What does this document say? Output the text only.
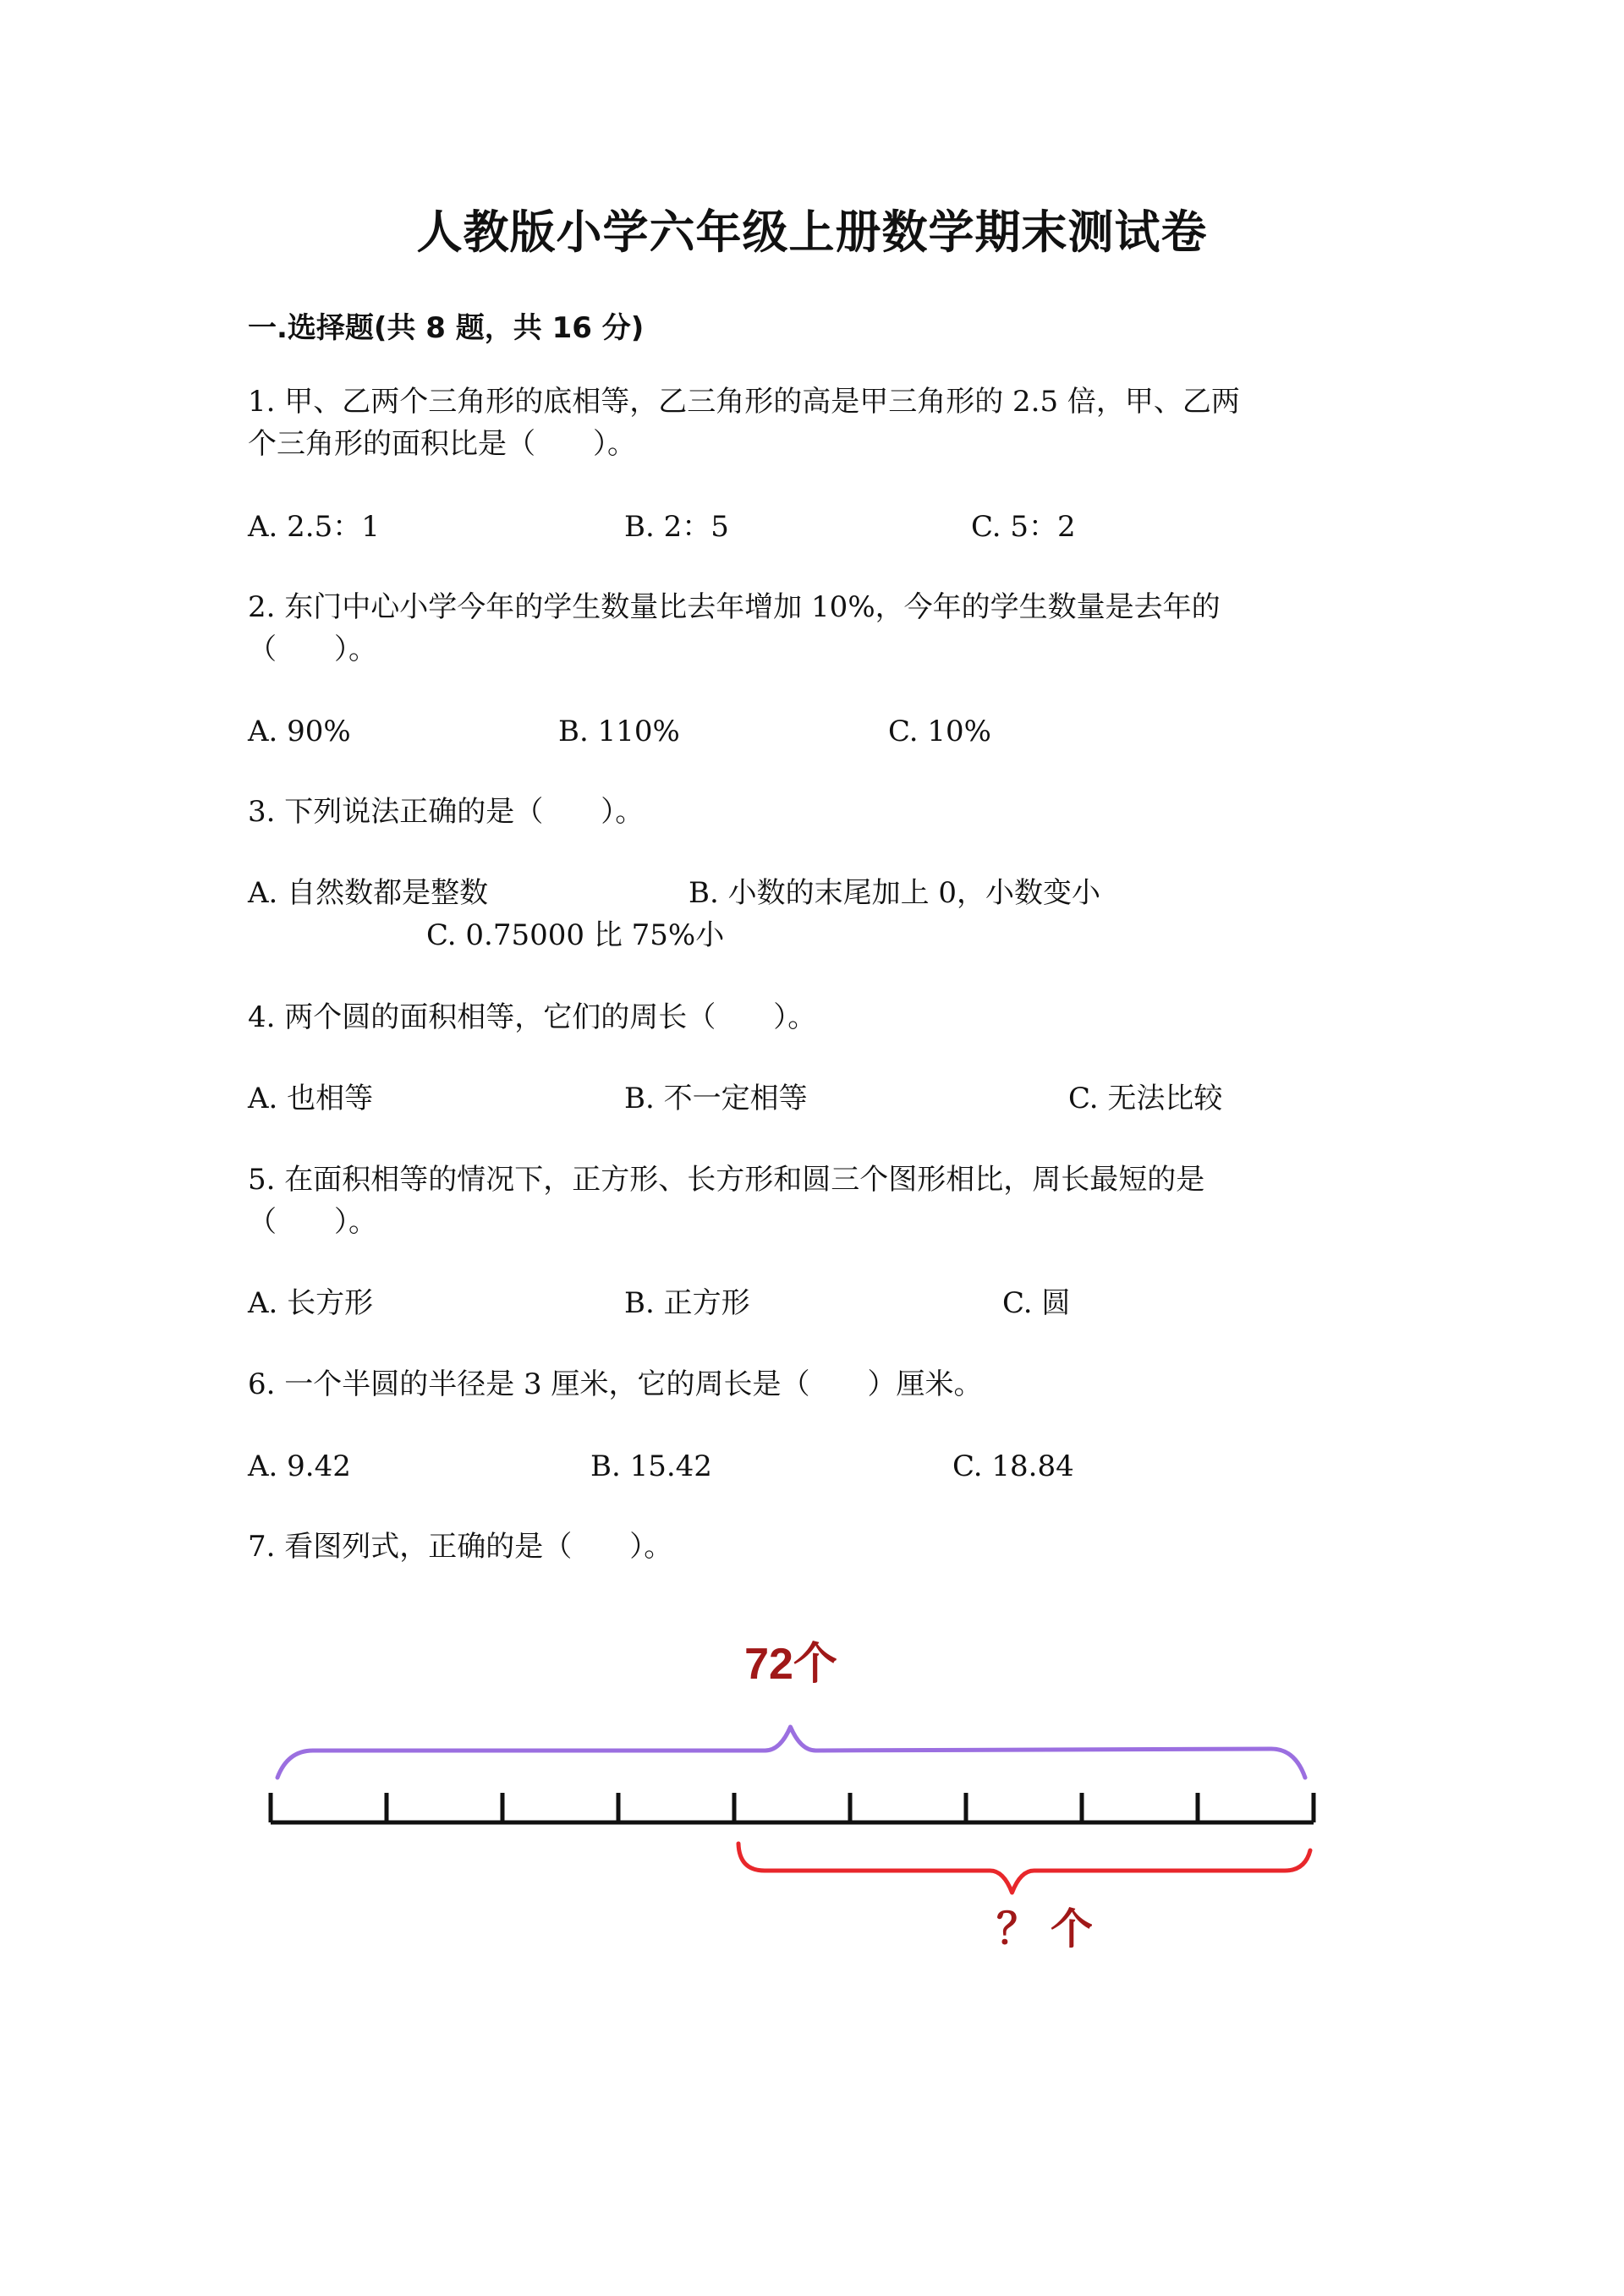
人教版小学六年级上册数学期末测试卷
一.选择题(共 8 题，共 16 分)
1. 甲、乙两个三角形的底相等，乙三角形的高是甲三角形的 2.5 倍，甲、乙两
个三角形的面积比是（　　）。
A. 2.5：1	B. 2：5	C. 5：2
2. 东门中心小学今年的学生数量比去年增加 10%，今年的学生数量是去年的
（　　）。
A. 90%	B. 110%	C. 10%
3. 下列说法正确的是（　　）。
A. 自然数都是整数	B. 小数的末尾加上 0，小数变小
C. 0.75000 比 75%小
4. 两个圆的面积相等，它们的周长（　　）。
A. 也相等	B. 不一定相等	C. 无法比较
5. 在面积相等的情况下，正方形、长方形和圆三个图形相比，周长最短的是
（　　）。
A. 长方形	B. 正方形	C. 圆
6. 一个半圆的半径是 3 厘米，它的周长是（　　）厘米。
A. 9.42	B. 15.42	C. 18.84
7. 看图列式，正确的是（　　）。
72个
？ 个
